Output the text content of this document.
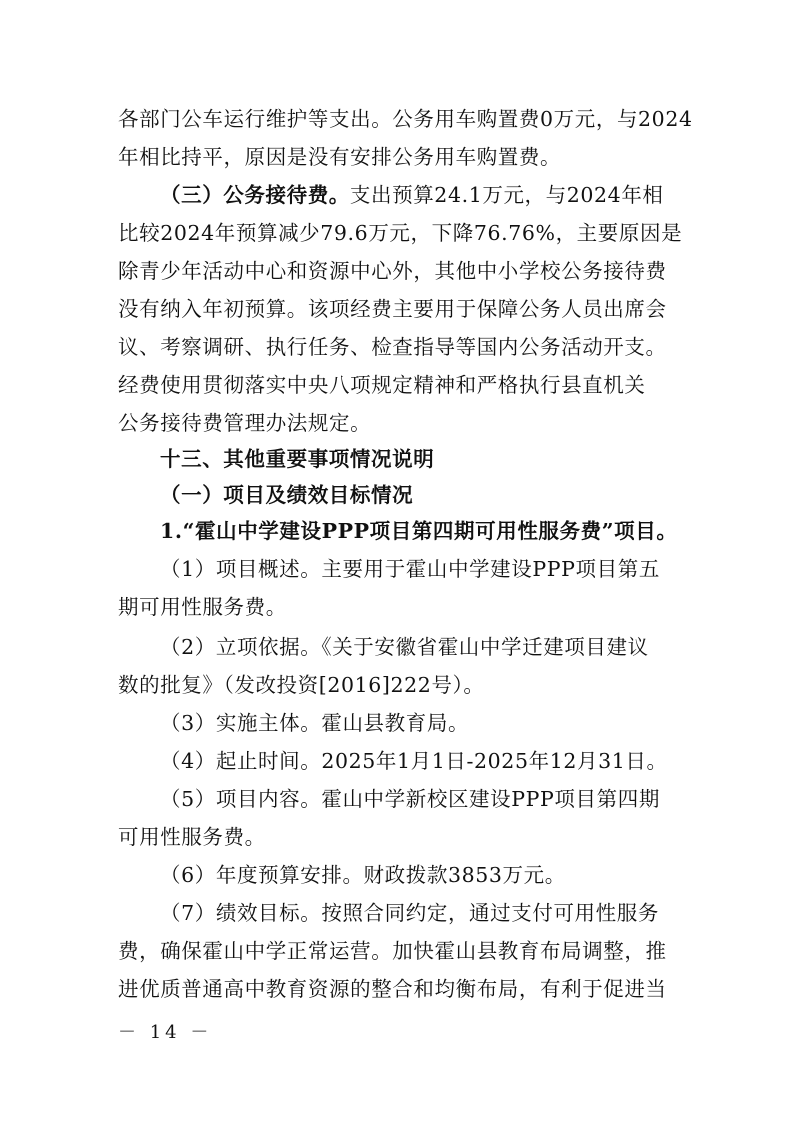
各部门公车运行维护等支出。公务用车购置费0万元，与2024
年相比持平，原因是没有安排公务用车购置费。
（三）公务接待费。支出预算24.1万元，与2024年相
比较2024年预算减少79.6万元，下降76.76%，主要原因是
除青少年活动中心和资源中心外，其他中小学校公务接待费
没有纳入年初预算。该项经费主要用于保障公务人员出席会
议、考察调研、执行任务、检查指导等国内公务活动开支。
经费使用贯彻落实中央八项规定精神和严格执行县直机关
公务接待费管理办法规定。
十三、其他重要事项情况说明
（一）项目及绩效目标情况
1.“霍山中学建设PPP项目第四期可用性服务费”项目。
（1）项目概述。主要用于霍山中学建设PPP项目第五
期可用性服务费。
（2）立项依据。《关于安徽省霍山中学迁建项目建议
数的批复》（发改投资[2016]222号）。
（3）实施主体。霍山县教育局。
（4）起止时间。2025年1月1日-2025年12月31日。
（5）项目内容。霍山中学新校区建设PPP项目第四期
可用性服务费。
（6）年度预算安排。财政拨款3853万元。
（7）绩效目标。按照合同约定，通过支付可用性服务
费，确保霍山中学正常运营。加快霍山县教育布局调整，推
进优质普通高中教育资源的整合和均衡布局，有利于促进当
－ 14 －
